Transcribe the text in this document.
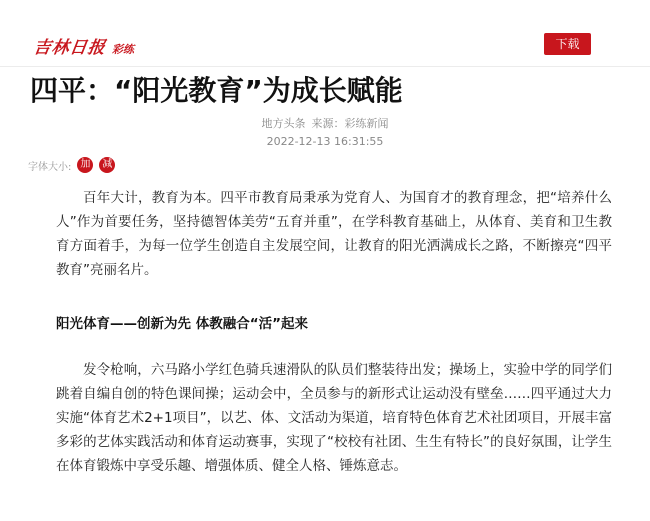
吉林日报 彩练	下载
四平：“阳光教育”为成长赋能
地方头条 来源：彩练新闻
2022-12-13 16:31:55
字体大小: 加	减

百年大计，教育为本。四平市教育局秉承为党育人、为国育才的教育理念，把“培养什么人”作为首要任务，坚持德智体美劳“五育并重”，在学科教育基础上，从体育、美育和卫生教育方面着手，为每一位学生创造自主发展空间，让教育的阳光洒满成长之路，不断擦亮“四平教育”亮丽名片。

阳光体育——创新为先 体教融合“活”起来

发令枪响，六马路小学红色骑兵速滑队的队员们整装待出发；操场上，实验中学的同学们跳着自编自创的特色课间操；运动会中，全员参与的新形式让运动没有壁垒……四平通过大力实施“体育艺术2+1项目”，以艺、体、文活动为渠道，培育特色体育艺术社团项目，开展丰富多彩的艺体实践活动和体育运动赛事，实现了“校校有社团、生生有特长”的良好氛围，让学生在体育锻炼中享受乐趣、增强体质、健全人格、锤炼意志。
